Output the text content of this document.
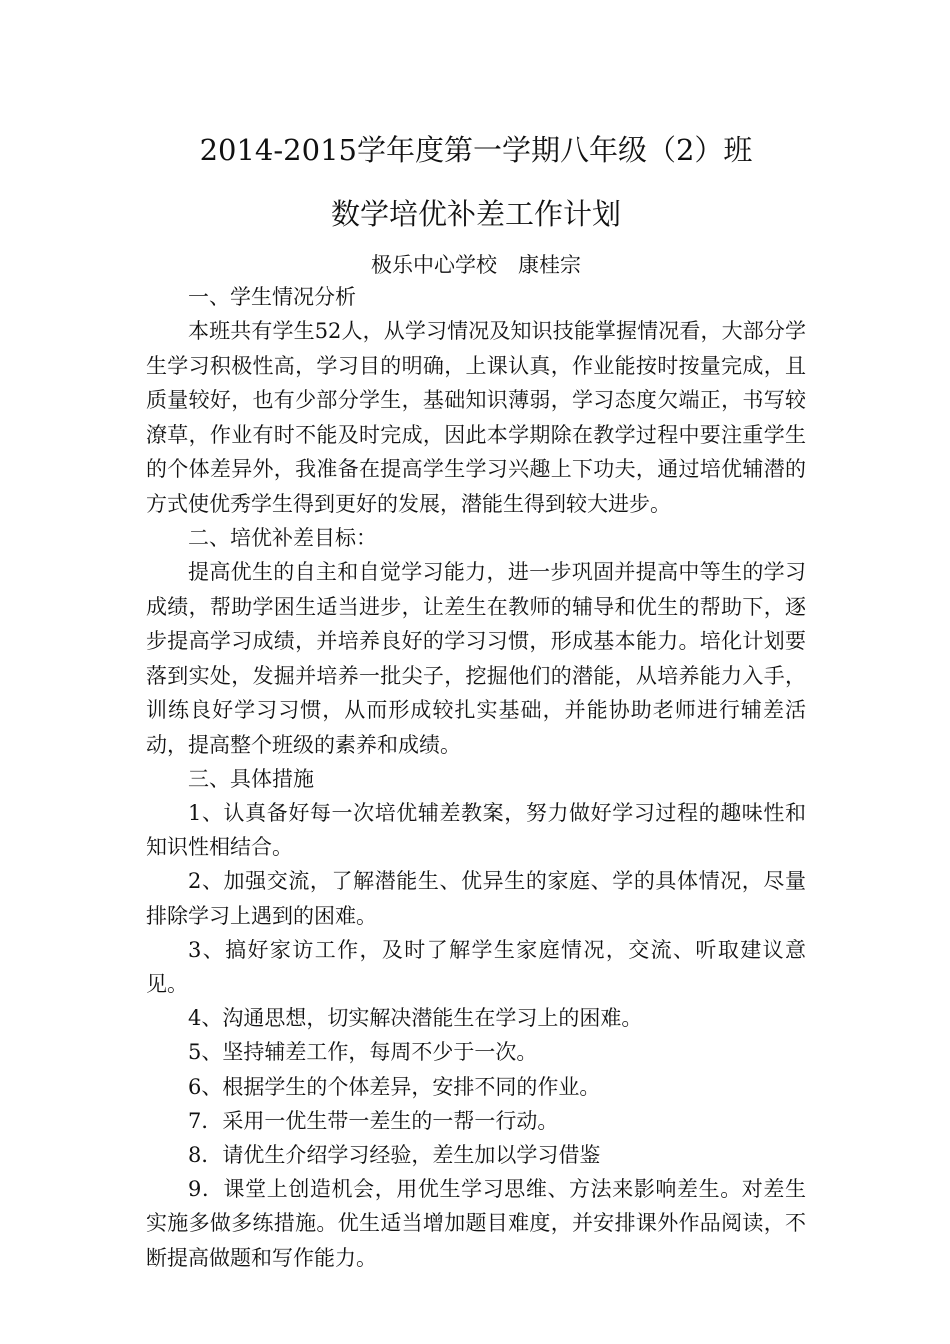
2014-2015学年度第一学期八年级（2）班
数学培优补差工作计划

极乐中心学校　康桂宗

一、学生情况分析

本班共有学生52人，从学习情况及知识技能掌握情况看，大部分学生学习积极性高，学习目的明确，上课认真，作业能按时按量完成，且质量较好，也有少部分学生，基础知识薄弱，学习态度欠端正，书写较潦草，作业有时不能及时完成，因此本学期除在教学过程中要注重学生的个体差异外，我准备在提高学生学习兴趣上下功夫，通过培优辅潜的方式使优秀学生得到更好的发展，潜能生得到较大进步。

二、培优补差目标：

提高优生的自主和自觉学习能力，进一步巩固并提高中等生的学习成绩，帮助学困生适当进步，让差生在教师的辅导和优生的帮助下，逐步提高学习成绩，并培养良好的学习习惯，形成基本能力。培化计划要落到实处，发掘并培养一批尖子，挖掘他们的潜能，从培养能力入手，训练良好学习习惯，从而形成较扎实基础，并能协助老师进行辅差活动，提高整个班级的素养和成绩。

三、具体措施

1、认真备好每一次培优辅差教案，努力做好学习过程的趣味性和知识性相结合。

2、加强交流，了解潜能生、优异生的家庭、学的具体情况，尽量排除学习上遇到的困难。

3、搞好家访工作，及时了解学生家庭情况，交流、听取建议意见。

4、沟通思想，切实解决潜能生在学习上的困难。

5、坚持辅差工作，每周不少于一次。

6、根据学生的个体差异，安排不同的作业。

7．采用一优生带一差生的一帮一行动。

8．请优生介绍学习经验，差生加以学习借鉴

9．课堂上创造机会，用优生学习思维、方法来影响差生。对差生实施多做多练措施。优生适当增加题目难度，并安排课外作品阅读，不断提高做题和写作能力。
